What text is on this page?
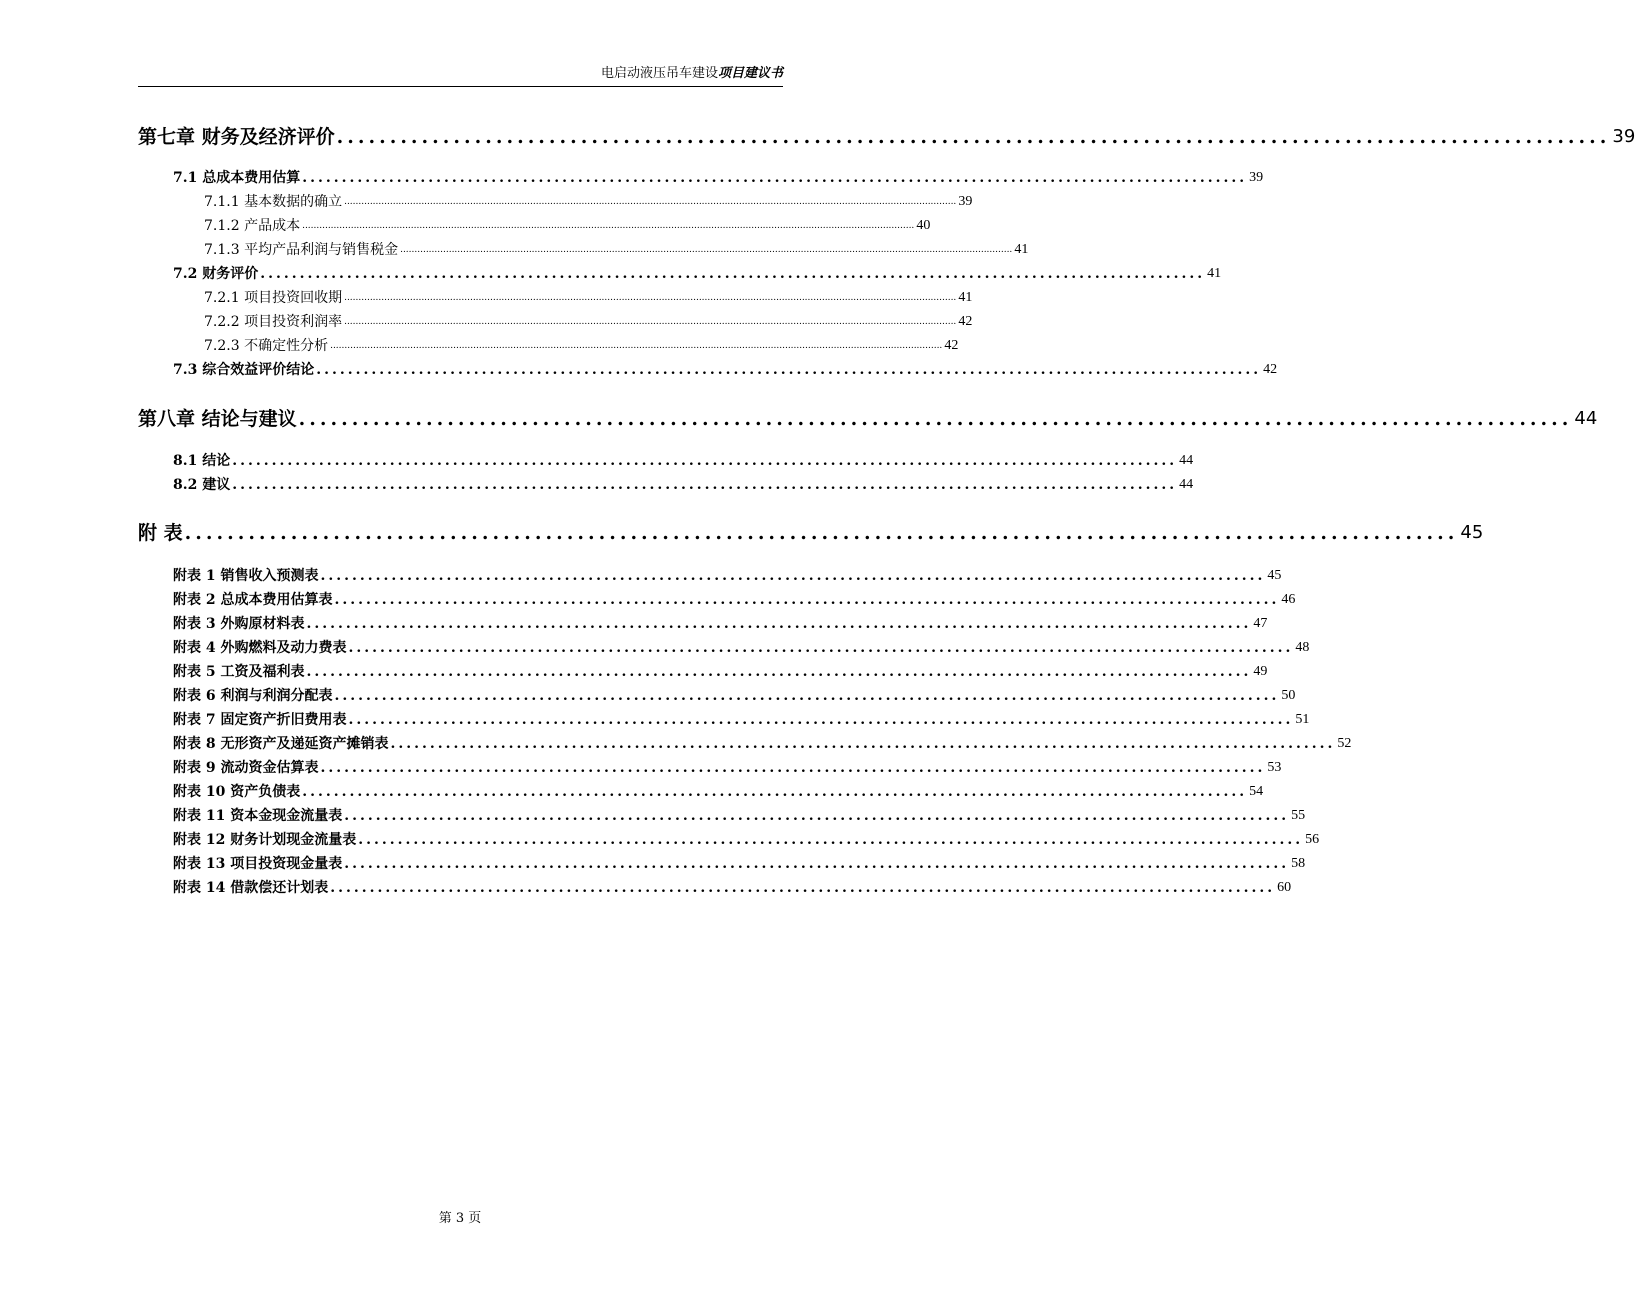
电启动液压吊车建设项目建议书
第七章 财务及经济评价 ........................................................................................................................ 39
7.1 总成本费用估算 ........................................................................................................................ 39
7.1.1 基本数据的确立 ...................................................................................................................................................................................................................... 39
7.1.2 产品成本 ...................................................................................................................................................................................................................... 40
7.1.3 平均产品利润与销售税金 ...................................................................................................................................................................................................................... 41
7.2 财务评价 ........................................................................................................................ 41
7.2.1 项目投资回收期 ...................................................................................................................................................................................................................... 41
7.2.2 项目投资利润率 ...................................................................................................................................................................................................................... 42
7.2.3 不确定性分析 ...................................................................................................................................................................................................................... 42
7.3 综合效益评价结论 ........................................................................................................................ 42
第八章 结论与建议 ........................................................................................................................ 44
8.1 结论 ........................................................................................................................ 44
8.2 建议 ........................................................................................................................ 44
附 表 ........................................................................................................................ 45
附表 1 销售收入预测表 ........................................................................................................................ 45
附表 2 总成本费用估算表 ........................................................................................................................ 46
附表 3 外购原材料表 ........................................................................................................................ 47
附表 4 外购燃料及动力费表 ........................................................................................................................ 48
附表 5 工资及福利表 ........................................................................................................................ 49
附表 6 利润与利润分配表 ........................................................................................................................ 50
附表 7 固定资产折旧费用表 ........................................................................................................................ 51
附表 8 无形资产及递延资产摊销表 ........................................................................................................................ 52
附表 9 流动资金估算表 ........................................................................................................................ 53
附表 10 资产负债表 ........................................................................................................................ 54
附表 11 资本金现金流量表 ........................................................................................................................ 55
附表 12 财务计划现金流量表 ........................................................................................................................ 56
附表 13 项目投资现金量表 ........................................................................................................................ 58
附表 14 借款偿还计划表 ........................................................................................................................ 60
第 3 页
